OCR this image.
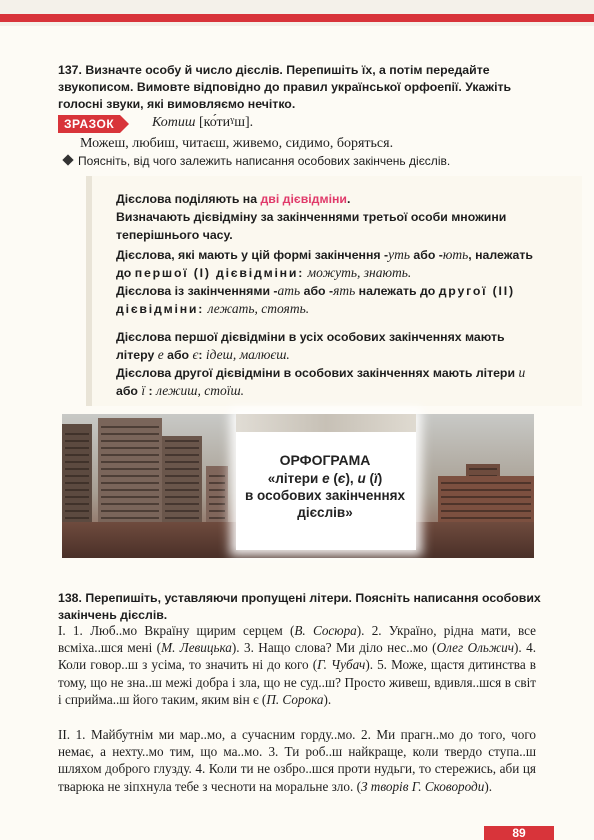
137. Визначте особу й число дієслів. Перепишіть їх, а потім передайте звукописом. Вимовте відповідно до правил української орфоепії. Укажіть голосні звуки, які вимовляємо нечітко.
ЗРАЗОК	Котиш [ко́тиˠш].
Можеш, любиш, читаєш, живемо, сидимо, боряться.
Поясніть, від чого залежить написання особових закінчень дієслів.
Дієслова поділяють на дві дієвідміни.
Визначають дієвідміну за закінченнями третьої особи множини теперішнього часу.
Дієслова, які мають у цій формі закінчення -уть або -ють, належать до першої (І) дієвідміни: можуть, знають.
Дієслова із закінченнями -ать або -ять належать до другої (ІІ) дієвідміни: лежать, стоять.
Дієслова першої дієвідміни в усіх особових закінченнях мають літеру е або є: ідеш, малюєш.
Дієслова другої дієвідміни в особових закінченнях мають літери и або ї : лежиш, стоїш.
ОРФОГРАМА
«літери е (є), и (ї)
в особових закінченнях
дієслів»
138. Перепишіть, уставляючи пропущені літери. Поясніть написання особових закінчень дієслів.
І. 1. Люб..мо Вкраїну щирим серцем (В. Сосюра). 2. Україно, рідна мати, все всміха..шся мені (М. Левицька). 3. Нащо слова? Ми діло нес..мо (Олег Ольжич). 4. Коли говор..ш з усіма, то значить ні до кого (Г. Чубач). 5. Може, щастя дитинства в тому, що не зна..ш межі добра і зла, що не суд..ш? Просто живеш, вдивля..шся в світ і сприйма..ш його таким, яким він є (П. Сорока).
ІІ. 1. Майбутнім ми мар..мо, а сучасним горду..мо. 2. Ми прагн..мо до того, чого немає, а нехту..мо тим, що ма..мо. 3. Ти роб..ш найкраще, коли твердо ступа..ш шляхом доброго глузду. 4. Коли ти не озбро..шся проти нудьги, то стережись, аби ця тварюка не зіпхнула тебе з чесноти на моральне зло. (З творів Г. Сковороди).
89
